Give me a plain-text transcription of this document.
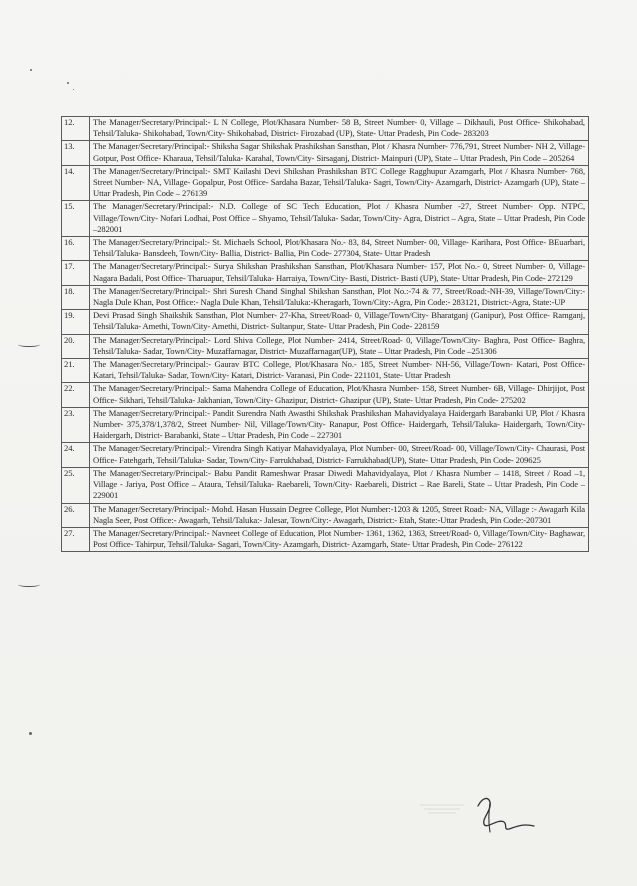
12.	The Manager/Secretary/Principal:- L N College, Plot/Khasara Number- 58 B, Street Number- 0, Village – Dikhauli, Post Office- Shikohabad, Tehsil/Taluka- Shikohabad, Town/City- Shikohabad, District- Firozabad (UP), State- Uttar Pradesh, Pin Code- 283203
13.	The Manager/Secretary/Principal:- Shiksha Sagar Shikshak Prashikshan Sansthan, Plot / Khasra Number- 776,791, Street Number- NH 2, Village- Gotpur, Post Office- Kharaua, Tehsil/Taluka- Karahal, Town/City- Sirsaganj, District- Mainpuri (UP), State – Uttar Pradesh, Pin Code – 205264
14.	The Manager/Secretary/Principal:- SMT Kailashi Devi Shikshan Prashikshan BTC College Ragghupur Azamgarh, Plot / Khasra Number- 768, Street Number- NA, Village- Gopalpur, Post Office- Sardaha Bazar, Tehsil/Taluka- Sagri, Town/City- Azamgarh, District- Azamgarh (UP), State – Uttar Pradesh, Pin Code – 276139
15.	The Manager/Secretary/Principal:- N.D. College of SC Tech Education, Plot / Khasra Number -27, Street Number- Opp. NTPC, Village/Town/City- Nofari Lodhai, Post Office – Shyamo, Tehsil/Taluka- Sadar, Town/City- Agra, District – Agra, State – Uttar Pradesh, Pin Code –282001
16.	The Manager/Secretary/Principal:- St. Michaels School, Plot/Khasara No.- 83, 84, Street Number- 00, Village- Karihara, Post Office- BEuarbari, Tehsil/Taluka- Bansdeeh, Town/City- Ballia, District- Ballia, Pin Code- 277304, State- Uttar Pradesh
17.	The Manager/Secretary/Principal:- Surya Shikshan Prashikshan Sansthan, Plot/Khasara Number- 157, Plot No.- 0, Street Number- 0, Village- Nagara Badali, Post Office- Tharuapur, Tehsil/Taluka- Harraiya, Town/City- Basti, District- Basti (UP), State- Uttar Pradesh, Pin Code- 272129
18.	The Manager/Secretary/Principal:- Shri Suresh Chand Singhal Shikshan Sansthan, Plot No.:-74 & 77, Street/Road:-NH-39, Village/Town/City:-Nagla Dule Khan, Post Office:- Nagla Dule Khan, Tehsil/Taluka:-Kheragarh, Town/City:-Agra, Pin Code:- 283121, District:-Agra, State:-UP
19.	Devi Prasad Singh Shaikshik Sansthan, Plot Number- 27-Kha, Street/Road- 0, Village/Town/City- Bharatganj (Ganipur), Post Office- Ramganj, Tehsil/Taluka- Amethi, Town/City- Amethi, District- Sultanpur, State- Uttar Pradesh, Pin Code- 228159
20.	The Manager/Secretary/Principal:- Lord Shiva College, Plot Number- 2414, Street/Road- 0, Village/Town/City- Baghra, Post Office- Baghra, Tehsil/Taluka- Sadar, Town/City- Muzaffarnagar, District- Muzaffarnagar(UP), State – Uttar Pradesh, Pin Code –251306
21.	The Manager/Secretary/Principal:- Gaurav BTC College, Plot/Khasara No.- 185, Street Number- NH-56, Village/Town- Katari, Post Office- Katari, Tehsil/Taluka- Sadar, Town/City- Katari, District- Varanasi, Pin Code- 221101, State- Uttar Pradesh
22.	The Manager/Secretary/Principal:- Sama Mahendra College of Education, Plot/Khasra Number- 158, Street Number- 6B, Village- Dhirjijot, Post Office- Sikhari, Tehsil/Taluka- Jakhanian, Town/City- Ghazipur, District- Ghazipur (UP), State- Uttar Pradesh, Pin Code- 275202
23.	The Manager/Secretary/Principal:- Pandit Surendra Nath Awasthi Shikshak Prashikshan Mahavidyalaya Haidergarh Barabanki UP, Plot / Khasra Number- 375,378/1,378/2, Street Number- Nil, Village/Town/City- Ranapur, Post Office- Haidergarh, Tehsil/Taluka- Haidergarh, Town/City- Haidergarh, District- Barabanki, State – Uttar Pradesh, Pin Code – 227301
24.	The Manager/Secretary/Principal:- Virendra Singh Katiyar Mahavidyalaya, Plot Number- 00, Street/Road- 00, Village/Town/City- Chaurasi, Post Office- Fatehgarh, Tehsil/Taluka- Sadar, Town/City- Farrukhabad, District- Farrukhabad(UP), State- Uttar Pradesh, Pin Code- 209625
25.	The Manager/Secretary/Principal:- Babu Pandit Rameshwar Prasar Diwedi Mahavidyalaya, Plot / Khasra Number – 1418, Street / Road –1, Village - Jariya, Post Office – Ataura, Tehsil/Taluka- Raebareli, Town/City- Raebareli, District – Rae Bareli, State – Uttar Pradesh, Pin Code – 229001
26.	The Manager/Secretary/Principal:- Mohd. Hasan Hussain Degree College, Plot Number:-1203 & 1205, Street Road:- NA, Village :- Awagarh Kila Nagla Seer, Post Office:- Awagarh, Tehsil/Taluka:- Jalesar, Town/City:- Awagarh, District:- Etah, State:-Uttar Pradesh, Pin Code:-207301
27.	The Manager/Secretary/Principal:- Navneet College of Education, Plot Number- 1361, 1362, 1363, Street/Road- 0, Village/Town/City- Baghawar, Post Office- Tahirpur, Tehsil/Taluka- Sagari, Town/City- Azamgarh, District- Azamgarh, State- Uttar Pradesh, Pin Code- 276122
